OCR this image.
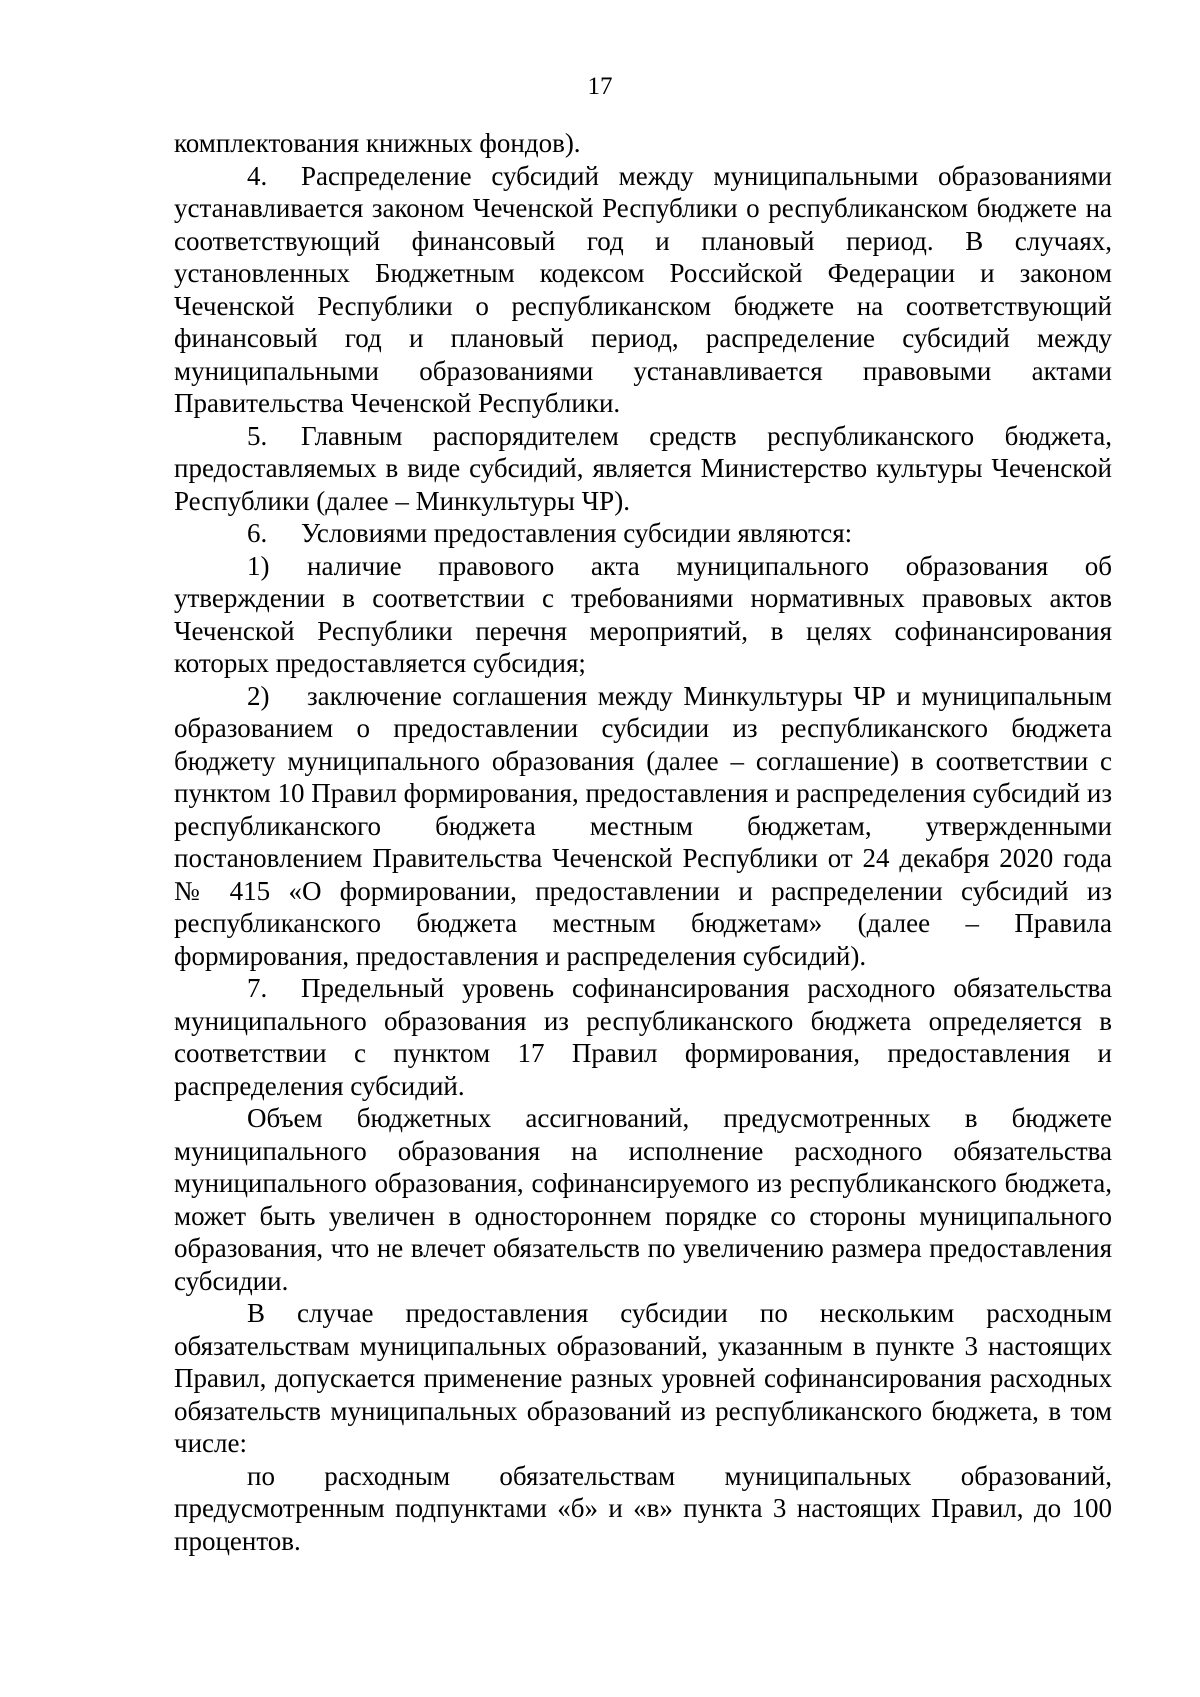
17

комплектования книжных фондов).

4. Распределение субсидий между муниципальными образованиями устанавливается законом Чеченской Республики о республиканском бюджете на соответствующий финансовый год и плановый период. В случаях, установленных Бюджетным кодексом Российской Федерации и законом Чеченской Республики о республиканском бюджете на соответствующий финансовый год и плановый период, распределение субсидий между муниципальными образованиями устанавливается правовыми актами Правительства Чеченской Республики.

5. Главным распорядителем средств республиканского бюджета, предоставляемых в виде субсидий, является Министерство культуры Чеченской Республики (далее – Минкультуры ЧР).

6. Условиями предоставления субсидии являются:

1) наличие правового акта муниципального образования об утверждении в соответствии с требованиями нормативных правовых актов Чеченской Республики перечня мероприятий, в целях софинансирования которых предоставляется субсидия;

2) заключение соглашения между Минкультуры ЧР и муниципальным образованием о предоставлении субсидии из республиканского бюджета бюджету муниципального образования (далее – соглашение) в соответствии с пунктом 10 Правил формирования, предоставления и распределения субсидий из республиканского бюджета местным бюджетам, утвержденными постановлением Правительства Чеченской Республики от 24 декабря 2020 года № 415 «О формировании, предоставлении и распределении субсидий из республиканского бюджета местным бюджетам» (далее – Правила формирования, предоставления и распределения субсидий).

7. Предельный уровень софинансирования расходного обязательства муниципального образования из республиканского бюджета определяется в соответствии с пунктом 17 Правил формирования, предоставления и распределения субсидий.

Объем бюджетных ассигнований, предусмотренных в бюджете муниципального образования на исполнение расходного обязательства муниципального образования, софинансируемого из республиканского бюджета, может быть увеличен в одностороннем порядке со стороны муниципального образования, что не влечет обязательств по увеличению размера предоставления субсидии.

В случае предоставления субсидии по нескольким расходным обязательствам муниципальных образований, указанным в пункте 3 настоящих Правил, допускается применение разных уровней софинансирования расходных обязательств муниципальных образований из республиканского бюджета, в том числе:

по расходным обязательствам муниципальных образований, предусмотренным подпунктами «б» и «в» пункта 3 настоящих Правил, до 100 процентов.
